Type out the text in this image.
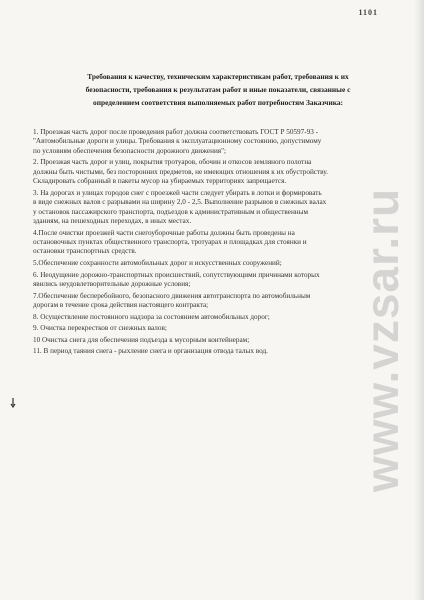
1101
Требования к качеству, техническим характеристикам работ, требования к их
безопасности, требования к результатам работ и иные показатели, связанные с
определением соответствия выполняемых работ потребностям Заказчика:
1. Проезжая часть дорог после проведения работ должна соответствовать ГОСТ Р 50597-93 -
"Автомобильные дороги и улицы. Требования к эксплуатационному состоянию, допустимому
по условиям обеспечения безопасности дорожного движения";
2. Проезжая часть дорог и улиц, покрытия тротуаров, обочин и откосов земляного полотна
должны быть чистыми, без посторонних предметов, не имеющих отношения к их обустройству.
Складировать собранный в пакеты мусор на убираемых территориях запрещается.
3. На дорогах и улицах городов снег с проезжей части следует убирать в лотки и формировать
в виде снежных валов с разрывами на ширину 2,0 - 2,5. Выполнение разрывов в снежных валах
у остановок пассажирского транспорта, подъездов к административным и общественным
зданиям, на пешеходных переходах, в иных местах.
4.После очистки проезжей части снегоуборочные работы должны быть проведены на
остановочных пунктах общественного транспорта, тротуарах и площадках для стоянки и
остановки транспортных средств.
5.Обеспечение сохранности автомобильных дорог и искусственных сооружений;
6. Неодущение дорожно-транспортных происшествий, сопутствующими причинами которых
явились неудовлетворительные дорожные условия;
7.Обеспечение бесперебойного, безопасного движения автотранспорта по автомобильным
дорогам в течение срока действия настоящего контракта;
8. Осуществление постоянного надзора за состоянием автомобильных дорог;
9. Очистка перекрестков от снежных валов;
10 Очистка снега для обеспечения подъезда к мусорным контейнерам;
11. В период таяния снега - рыхление снега и организация отвода талых вод.	www.vzsar.ru
